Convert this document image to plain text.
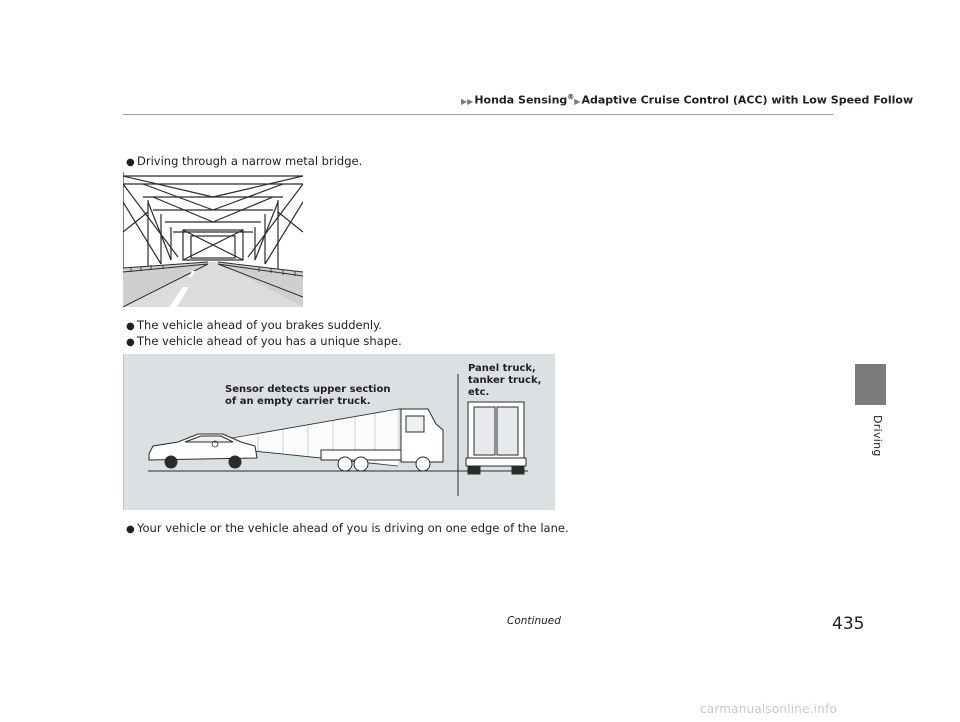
▶▶Honda Sensing®▶Adaptive Cruise Control (ACC) with Low Speed Follow
Driving
● Driving through a narrow metal bridge.
● The vehicle ahead of you brakes suddenly.
● The vehicle ahead of you has a unique shape.
Sensor detects upper section
of an empty carrier truck.
Panel truck,
tanker truck,
etc.
● Your vehicle or the vehicle ahead of you is driving on one edge of the lane.
Continued	435
carmanualsonline.info
